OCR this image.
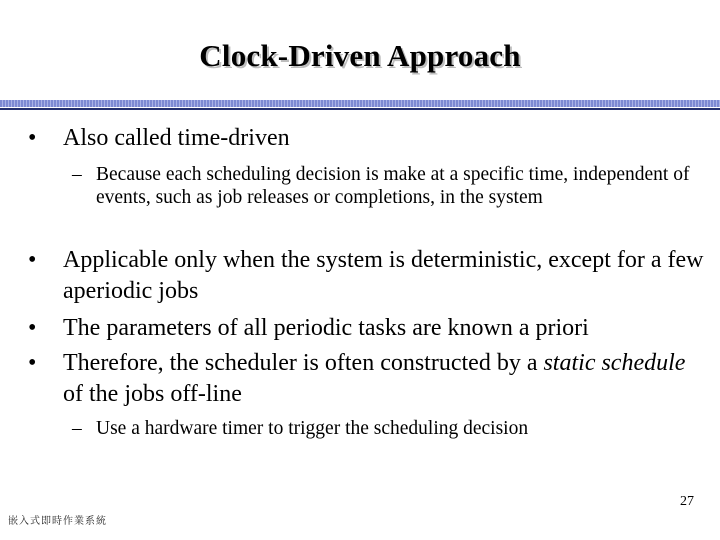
Clock-Driven Approach
• Also called time-driven
– Because each scheduling decision is make at a specific time, independent of events, such as job releases or completions, in the system
• Applicable only when the system is deterministic, except for a few aperiodic jobs
• The parameters of all periodic tasks are known a priori
• Therefore, the scheduler is often constructed by a static schedule of the jobs off-line
– Use a hardware timer to trigger the scheduling decision
27
嵌入式即時作業系統
